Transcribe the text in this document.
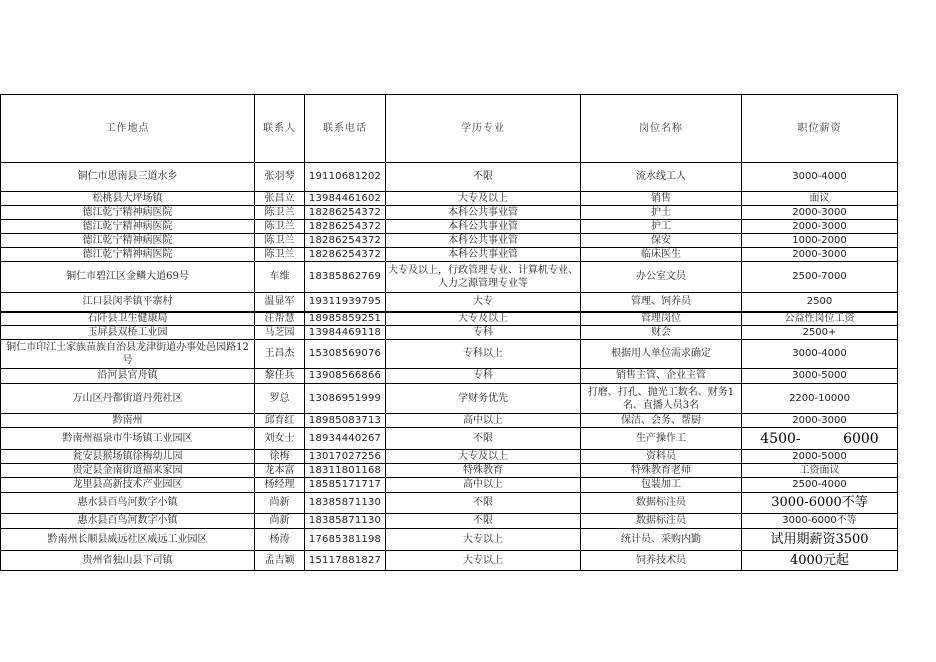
工作地点	联系人	联系电话	学历专业	岗位名称	职位薪资
铜仁市思南县三道水乡	张羽琴	19110681202	不限	流水线工人	3000-4000
松桃县大坪场镇	张昌立	13984461602	大专及以上	销售	面议
德江乾宁精神病医院	陈卫兰	18286254372	本科公共事业管	护士	2000-3000
德江乾宁精神病医院	陈卫兰	18286254372	本科公共事业管	护工	2000-3000
德江乾宁精神病医院	陈卫兰	18286254372	本科公共事业管	保安	1000-2000
德江乾宁精神病医院	陈卫兰	18286254372	本科公共事业管	临床医生	2000-3000
铜仁市碧江区金鳞大道69号	车维	18385862769	大专及以上，行政管理专业、计算机专业、人力之源管理专业等	办公室文员	2500-7000
江口县闵孝镇平寨村	温显军	19311939795	大专	管理、饲养员	2500
石阡县卫生健康局	汪帮慧	18985859251	大专及以上	管理岗位	公益性岗位工资
玉屏县双桥工业园	马芝园	13984469118	专科	财会	2500+
铜仁市印江土家族苗族自治县龙津街道办事处邑园路12号	王昌杰	15308569076	专科以上	根据用人单位需求确定	3000-4000
沿河县官舟镇	黎任兵	13908566866	专科	销售主管、企业主管	3000-5000
万山区丹都街道丹苑社区	罗总	13086951999	学财务优先	打磨、打孔、抛光工数名、财务1名、直播人员3名	2200-10000
黔南州	邱育红	18985083713	高中以上	保洁、会务、帮厨	2000-3000
黔南州福泉市牛场镇工业园区	刘女士	18934440267	不限	生产操作工	4500- 6000
瓮安县猴场镇徐梅幼儿园	徐梅	13017027256	大专及以上	资料员	2000-5000
贵定县金南街道福来家园	龙本富	18311801168	特殊教育	特殊教育老师	工资面议
龙里县高新技术产业园区	杨经理	18585171717	高中以上	包装加工	2500-4000
惠水县百鸟河数字小镇	尚新	18385871130	不限	数据标注员	3000-6000不等
惠水县百鸟河数字小镇	尚新	18385871130	不限	数据标注员	3000-6000不等
黔南州长顺县威远社区威远工业园区	杨涛	17685381198	大专以上	统计员、采购内勤	试用期薪资3500
贵州省独山县下司镇	孟吉颖	15117881827	大专以上	饲养技术员	4000元起
